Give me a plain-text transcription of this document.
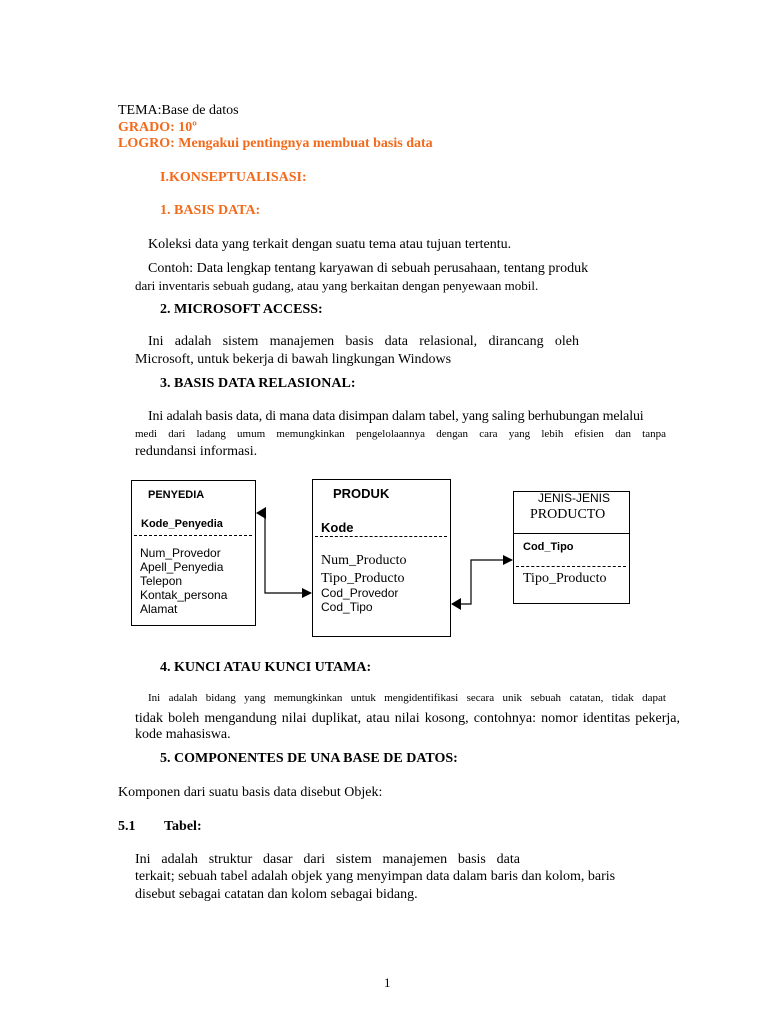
TEMA:Base de datos
GRADO: 10º
LOGRO: Mengakui pentingnya membuat basis data
I.KONSEPTUALISASI:
1. BASIS DATA:
Koleksi data yang terkait dengan suatu tema atau tujuan tertentu.
Contoh: Data lengkap tentang karyawan di sebuah perusahaan, tentang produk
dari inventaris sebuah gudang, atau yang berkaitan dengan penyewaan mobil.
2. MICROSOFT ACCESS:
Ini adalah sistem manajemen basis data relasional, dirancang oleh
Microsoft, untuk bekerja di bawah lingkungan Windows
3. BASIS DATA RELASIONAL:
Ini adalah basis data, di mana data disimpan dalam tabel, yang saling berhubungan melalui
medi dari ladang umum memungkinkan pengelolaannya dengan cara yang lebih efisien dan tanpa
redundansi informasi.
PENYEDIA
Kode_Penyedia
Num_Provedor
Apell_Penyedia
Telepon
Kontak_persona
Alamat
PRODUK
Kode
Num_Producto
Tipo_Producto
Cod_Provedor
Cod_Tipo
JENIS-JENIS
PRODUCTO
Cod_Tipo
Tipo_Producto
4. KUNCI ATAU KUNCI UTAMA:
Ini adalah bidang yang memungkinkan untuk mengidentifikasi secara unik sebuah catatan, tidak dapat
tidak boleh mengandung nilai duplikat, atau nilai kosong, contohnya: nomor identitas pekerja,
kode mahasiswa.
5. COMPONENTES DE UNA BASE DE DATOS:
Komponen dari suatu basis data disebut Objek:
5.1 Tabel:
Ini adalah struktur dasar dari sistem manajemen basis data
terkait; sebuah tabel adalah objek yang menyimpan data dalam baris dan kolom, baris
disebut sebagai catatan dan kolom sebagai bidang.
1
